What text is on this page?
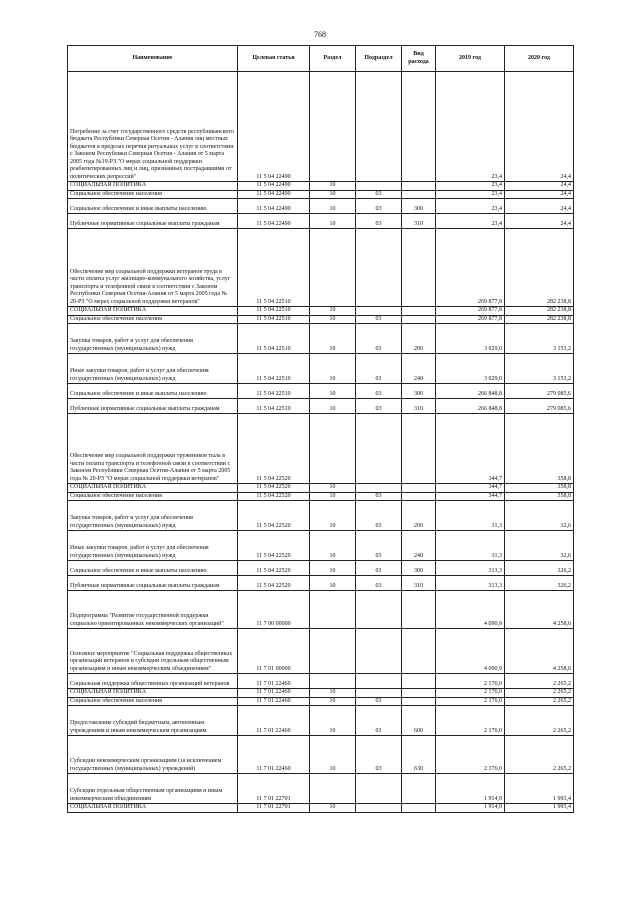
768
Наименование	Целевая статья	Раздел	Подраздел	Вид расхода	2019 год	2020 год
Погребение за счет государственного средств республиканского бюджета Республики Северная Осетия - Алания лиц местных бюджетов в пределах перечня ритуальных услуг в соответствии с Законом Республики Северная Осетия - Алания от 5 марта 2005 года №19-РЗ "О мерах социальной поддержки реабилитированных лиц и лиц, признанных пострадавшими от политических репрессий"	11 5 04 22490				23,4	24,4
СОЦИАЛЬНАЯ ПОЛИТИКА	11 5 04 22490	10			23,4	24,4
Социальное обеспечение населения	11 5 04 22490	10	03		23,4	24,4
Социальное обеспечение и иные выплаты населению	11 5 04 22490	10	03	300	23,4	24,4
Публичные нормативные социальные выплаты гражданам	11 5 04 22490	10	03	310	23,4	24,4
Обеспечение мер социальной поддержки ветеранов труда в части оплаты услуг жилищно-коммунального хозяйства, услуг транспорта и телефонной связи в соответствии с Законом Республики Северная Осетия-Алания от 5 марта 2005 года № 20-РЗ "О мерах социальной поддержки ветеранов"	11 5 04 22510				269 877,8	282 238,8
СОЦИАЛЬНАЯ ПОЛИТИКА	11 5 04 22510	10			269 877,8	282 238,8
Социальное обеспечение населения	11 5 04 22510	10	03		269 877,8	282 238,8
Закупка товаров, работ и услуг для обеспечения государственных (муниципальных) нужд	11 5 04 22510	10	03	200	3 029,0	3 153,2
Иные закупки товаров, работ и услуг для обеспечения государственных (муниципальных) нужд	11 5 04 22510	10	03	240	3 029,0	3 153,2
Социальное обеспечение и иные выплаты населению	11 5 04 22510	10	03	300	266 848,8	279 085,6
Публичные нормативные социальные выплаты гражданам	11 5 04 22510	10	03	310	266 848,8	279 085,6
Обеспечение мер социальной поддержки тружеников тыла в части оплаты транспорта и телефонной связи в соответствии с Законом Республики Северная Осетия-Алания от 5 марта 2005 года № 20-РЗ "О мерах социальной поддержки ветеранов"	11 5 04 22520				344,7	358,8
СОЦИАЛЬНАЯ ПОЛИТИКА	11 5 04 22520	10			344,7	358,8
Социальное обеспечение населения	11 5 04 22520	10	03		344,7	358,8
Закупка товаров, работ и услуг для обеспечения государственных (муниципальных) нужд	11 5 04 22520	10	03	200	31,3	32,6
Иные закупки товаров, работ и услуг для обеспечения государственных (муниципальных) нужд	11 5 04 22520	10	03	240	31,3	32,6
Социальное обеспечение и иные выплаты населению	11 5 04 22520	10	03	300	313,3	326,2
Публичные нормативные социальные выплаты гражданам	11 5 04 22520	10	03	310	313,3	326,2
Подпрограмма "Развитие государственной поддержки социально ориентированных некоммерческих организаций"	11 7 00 00000				4 090,9	4 258,6
Основное мероприятие "Социальная поддержка общественных организаций ветеранов и субсидии отдельным общественным организациям и иным некоммерческим объединениям"	11 7 01 00000				4 090,9	4 258,6
Социальная поддержка общественных организаций ветеранов	11 7 01 22460				2 176,0	2 265,2
СОЦИАЛЬНАЯ ПОЛИТИКА	11 7 01 22460	10			2 176,0	2 265,2
Социальное обеспечение населения	11 7 01 22460	10	03		2 176,0	2 265,2
Предоставление субсидий бюджетным, автономным учреждениям и иным некоммерческим организациям	11 7 01 22460	10	03	600	2 176,0	2 265,2
Субсидии некоммерческим организациям (за исключением государственных (муниципальных) учреждений)	11 7 01 22460	10	03	630	2 176,0	2 265,2
Субсидии отдельным общественным организациям и иным некоммерческим объединениям	11 7 01 22701				1 914,9	1 993,4
СОЦИАЛЬНАЯ ПОЛИТИКА	11 7 01 22701	10			1 914,9	1 993,4
